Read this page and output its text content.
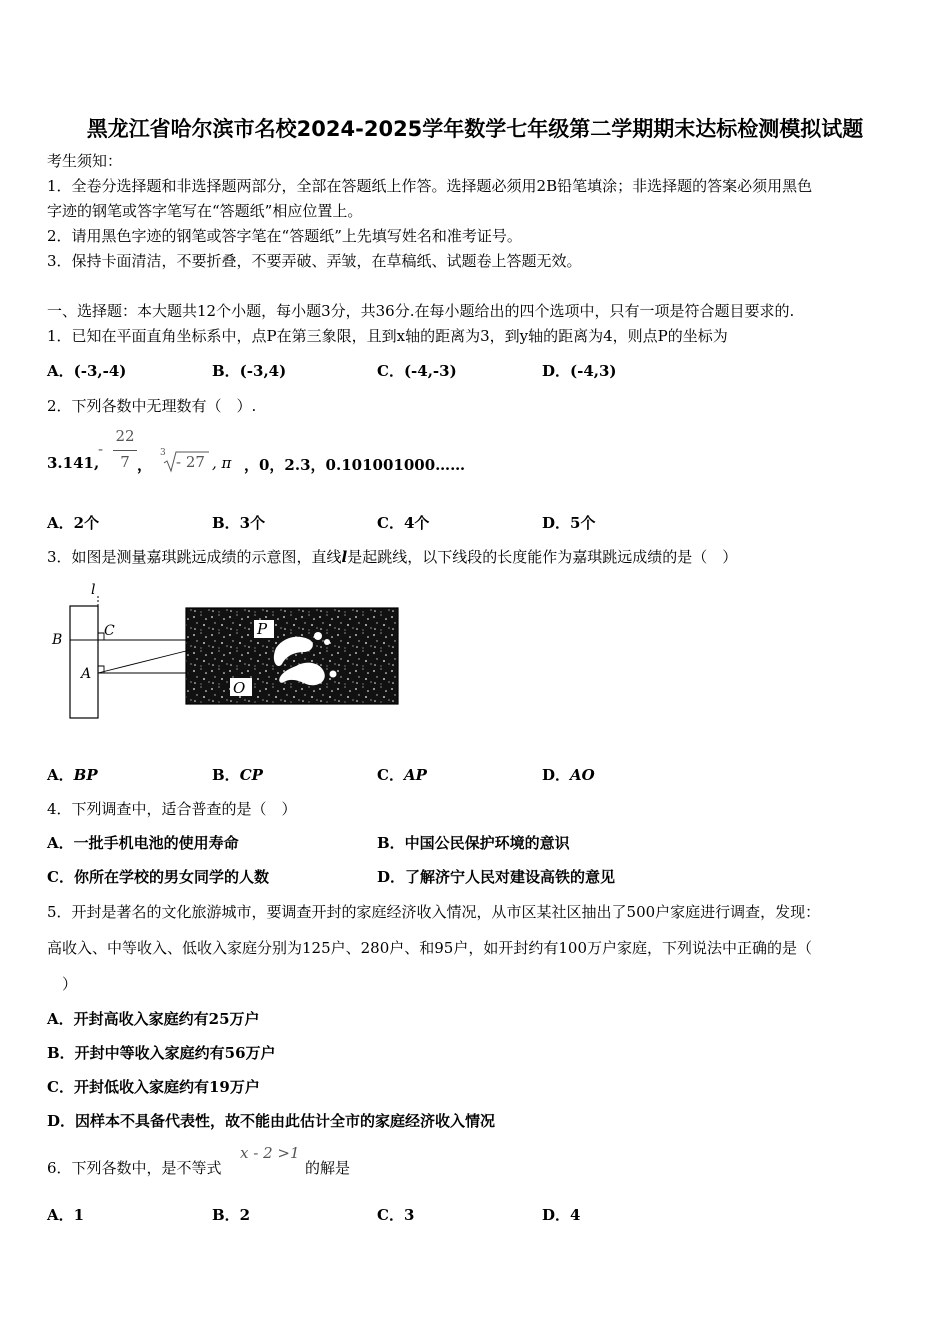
黑龙江省哈尔滨市名校2024-2025学年数学七年级第二学期期末达标检测模拟试题
考生须知：
1．全卷分选择题和非选择题两部分，全部在答题纸上作答。选择题必须用2B铅笔填涂；非选择题的答案必须用黑色
字迹的钢笔或答字笔写在“答题纸”相应位置上。
2．请用黑色字迹的钢笔或答字笔在“答题纸”上先填写姓名和准考证号。
3．保持卡面清洁，不要折叠，不要弄破、弄皱，在草稿纸、试题卷上答题无效。
一、选择题：本大题共12个小题，每小题3分，共36分.在每小题给出的四个选项中，只有一项是符合题目要求的.
1．已知在平面直角坐标系中，点P在第三象限，且到x轴的距离为3，到y轴的距离为4，则点P的坐标为
A．(-3,-4)	B．(-3,4)	C．(-4,-3)	D．(-4,3)
2．下列各数中无理数有（　）.
3.141,
-
22
7 ，
3 - 27 , π ，0，2.3，0.101001000……
A．2个	B．3个	C．4个	D．5个
3．如图是测量嘉琪跳远成绩的示意图，直线l是起跳线，以下线段的长度能作为嘉琪跳远成绩的是（　）
l
P
O
B
C
A
A．BP	B．CP	C．AP	D．AO
4．下列调查中，适合普查的是（　）
A．一批手机电池的使用寿命	B．中国公民保护环境的意识
C．你所在学校的男女同学的人数	D．了解济宁人民对建设高铁的意见
5．开封是著名的文化旅游城市，要调查开封的家庭经济收入情况，从市区某社区抽出了500户家庭进行调查，发现：
高收入、中等收入、低收入家庭分别为125户、280户、和95户，如开封约有100万户家庭，下列说法中正确的是（
）
A．开封高收入家庭约有25万户
B．开封中等收入家庭约有56万户
C．开封低收入家庭约有19万户
D．因样本不具备代表性，故不能由此估计全市的家庭经济收入情况
6．下列各数中，是不等式
x - 2 >1
的解是
A．1	B．2	C．3	D．4
